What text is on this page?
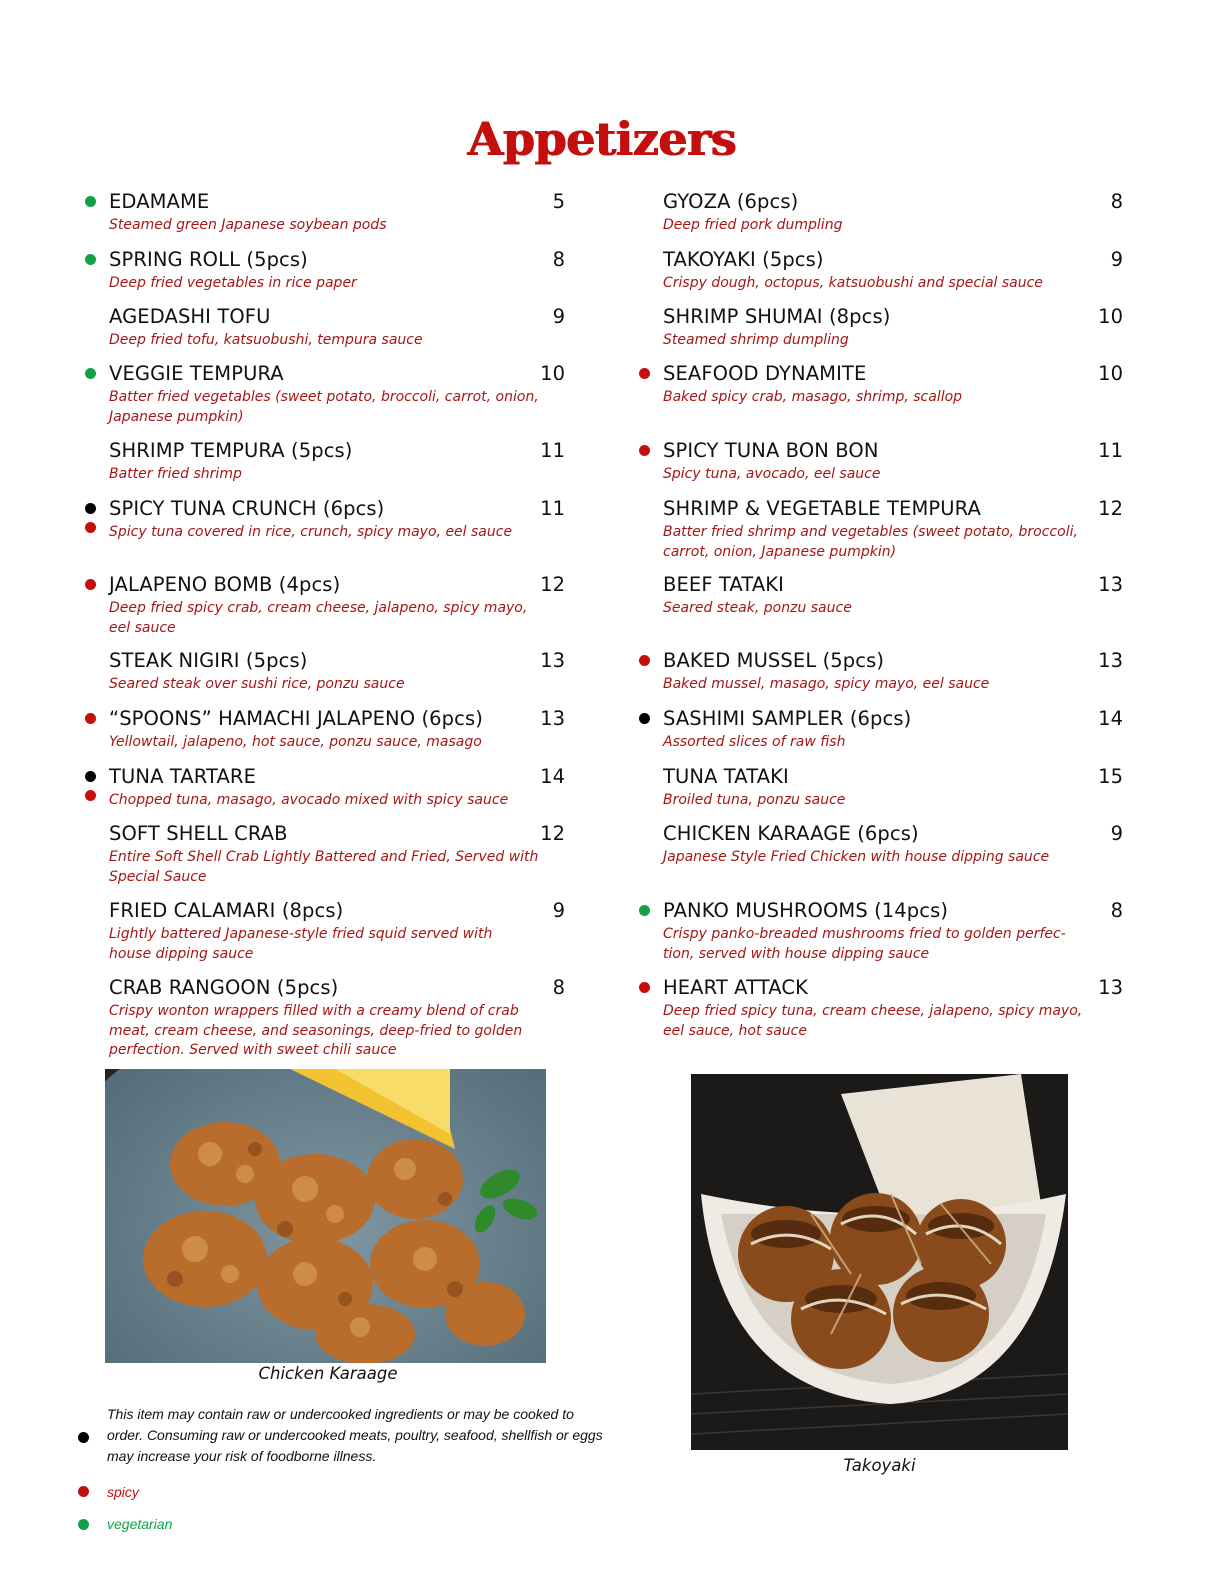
Appetizers
EDAMAME	5
Steamed green Japanese soybean pods
SPRING ROLL (5pcs)	8
Deep fried vegetables in rice paper
AGEDASHI TOFU	9
Deep fried tofu, katsuobushi, tempura sauce
VEGGIE TEMPURA	10
Batter fried vegetables (sweet potato, broccoli, carrot, onion, Japanese pumpkin)
SHRIMP TEMPURA (5pcs)	11
Batter fried shrimp
SPICY TUNA CRUNCH (6pcs)	11
Spicy tuna covered in rice, crunch, spicy mayo, eel sauce
JALAPENO BOMB (4pcs)	12
Deep fried spicy crab, cream cheese, jalapeno, spicy mayo, eel sauce
STEAK NIGIRI (5pcs)	13
Seared steak over sushi rice, ponzu sauce
“SPOONS” HAMACHI JALAPENO (6pcs)	13
Yellowtail, jalapeno, hot sauce, ponzu sauce, masago
TUNA TARTARE	14
Chopped tuna, masago, avocado mixed with spicy sauce
SOFT SHELL CRAB	12
Entire Soft Shell Crab Lightly Battered and Fried, Served with Special Sauce
FRIED CALAMARI (8pcs)	9
Lightly battered Japanese-style fried squid served with house dipping sauce
CRAB RANGOON (5pcs)	8
Crispy wonton wrappers filled with a creamy blend of crab meat, cream cheese, and seasonings, deep-fried to golden perfection. Served with sweet chili sauce
GYOZA (6pcs)	8
Deep fried pork dumpling
TAKOYAKI (5pcs)	9
Crispy dough, octopus, katsuobushi and special sauce
SHRIMP SHUMAI (8pcs)	10
Steamed shrimp dumpling
SEAFOOD DYNAMITE	10
Baked spicy crab, masago, shrimp, scallop
SPICY TUNA BON BON	11
Spicy tuna, avocado, eel sauce
SHRIMP & VEGETABLE TEMPURA	12
Batter fried shrimp and vegetables (sweet potato, broccoli, carrot, onion, Japanese pumpkin)
BEEF TATAKI	13
Seared steak, ponzu sauce
BAKED MUSSEL (5pcs)	13
Baked mussel, masago, spicy mayo, eel sauce
SASHIMI SAMPLER (6pcs)	14
Assorted slices of raw fish
TUNA TATAKI	15
Broiled tuna, ponzu sauce
CHICKEN KARAAGE (6pcs)	9
Japanese Style Fried Chicken with house dipping sauce
PANKO MUSHROOMS (14pcs)	8
Crispy panko-breaded mushrooms fried to golden perfec-tion, served with house dipping sauce
HEART ATTACK	13
Deep fried spicy tuna, cream cheese, jalapeno, spicy mayo, eel sauce, hot sauce
Chicken Karaage
Takoyaki
This item may contain raw or undercooked ingredients or may be cooked to order. Consuming raw or undercooked meats, poultry, seafood, shellfish or eggs may increase your risk of foodborne illness.
spicy
vegetarian
